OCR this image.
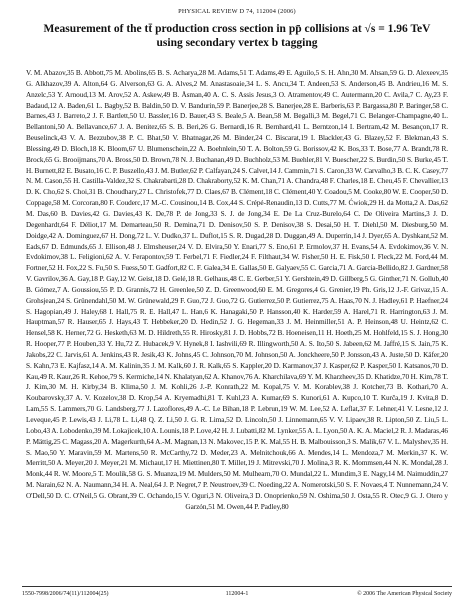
PHYSICAL REVIEW D 74, 112004 (2006)
Measurement of the tt̄ production cross section in pp̄ collisions at √s = 1.96 TeV
using secondary vertex b tagging
V. M. Abazov,35 B. Abbott,75 M. Abolins,65 B. S. Acharya,28 M. Adams,51 T. Adams,49 E. Aguilo,5 S. H. Ahn,30 M. Ahsan,59 G. D. Alexeev,35 G. Alkhazov,39 A. Alton,64 G. Alverson,63 G. A. Alves,2 M. Anastasoaie,34 L. S. Ancu,34 T. Andeen,53 S. Anderson,45 B. Andrieu,16 M. S. Anzelc,53 Y. Arnoud,13 M. Arov,52 A. Askew,49 B. Åsman,40 A. C. S. Assis Jesus,3 O. Atramentov,49 C. Autermann,20 C. Avila,7 C. Ay,23 F. Badaud,12 A. Baden,61 L. Bagby,52 B. Baldin,50 D. V. Bandurin,59 P. Banerjee,28 S. Banerjee,28 E. Barberis,63 P. Bargassa,80 P. Baringer,58 C. Barnes,43 J. Barreto,2 J. F. Bartlett,50 U. Bassler,16 D. Bauer,43 S. Beale,5 A. Bean,58 M. Begalli,3 M. Begel,71 C. Belanger-Champagne,40 L. Bellantoni,50 A. Bellavance,67 J. A. Benitez,65 S. B. Beri,26 G. Bernardi,16 R. Bernhard,41 L. Berntzon,14 I. Bertram,42 M. Besançon,17 R. Beuselinck,43 V. A. Bezzubov,38 P. C. Bhat,50 V. Bhatnagar,26 M. Binder,24 C. Biscarat,19 I. Blackler,43 G. Blazey,52 F. Blekman,43 S. Blessing,49 D. Bloch,18 K. Bloom,67 U. Blumenschein,22 A. Boehnlein,50 T. A. Bolton,59 G. Borissov,42 K. Bos,33 T. Bose,77 A. Brandt,78 R. Brock,65 G. Brooijmans,70 A. Bross,50 D. Brown,78 N. J. Buchanan,49 D. Buchholz,53 M. Buehler,81 V. Buescher,22 S. Burdin,50 S. Burke,45 T. H. Burnett,82 E. Busato,16 C. P. Buszello,43 J. M. Butler,62 P. Calfayan,24 S. Calvet,14 J. Cammin,71 S. Caron,33 W. Carvalho,3 B. C. K. Casey,77 N. M. Cason,55 H. Castilla-Valdez,32 S. Chakrabarti,28 D. Chakraborty,52 K. M. Chan,71 A. Chandra,48 F. Charles,18 E. Cheu,45 F. Chevallier,13 D. K. Cho,62 S. Choi,31 B. Choudhary,27 L. Christofek,77 D. Claes,67 B. Clément,18 C. Clément,40 Y. Coadou,5 M. Cooke,80 W. E. Cooper,50 D. Coppage,58 M. Corcoran,80 F. Couderc,17 M.-C. Cousinou,14 B. Cox,44 S. Crépé-Renaudin,13 D. Cutts,77 M. Ćwiok,29 H. da Motta,2 A. Das,62 M. Das,60 B. Davies,42 G. Davies,43 K. De,78 P. de Jong,33 S. J. de Jong,34 E. De La Cruz-Burelo,64 C. De Oliveira Martins,3 J. D. Degenhardt,64 F. Déliot,17 M. Demarteau,50 R. Demina,71 D. Denisov,50 S. P. Denisov,38 S. Desai,50 H. T. Diehl,50 M. Diesburg,50 M. Doidge,42 A. Dominguez,67 H. Dong,72 L. V. Dudko,37 L. Duflot,15 S. R. Dugad,28 D. Duggan,49 A. Duperrin,14 J. Dyer,65 A. Dyshkant,52 M. Eads,67 D. Edmunds,65 J. Ellison,48 J. Elmsheuser,24 V. D. Elvira,50 Y. Enari,77 S. Eno,61 P. Ermolov,37 H. Evans,54 A. Evdokimov,36 V. N. Evdokimov,38 L. Feligioni,62 A. V. Ferapontov,59 T. Ferbel,71 F. Fiedler,24 F. Filthaut,34 W. Fisher,50 H. E. Fisk,50 I. Fleck,22 M. Ford,44 M. Fortner,52 H. Fox,22 S. Fu,50 S. Fuess,50 T. Gadfort,82 C. F. Galea,34 E. Gallas,50 E. Galyaev,55 C. Garcia,71 A. Garcia-Bellido,82 J. Gardner,58 V. Gavrilov,36 A. Gay,18 P. Gay,12 W. Geist,18 D. Gelé,18 R. Gelhaus,48 C. E. Gerber,51 Y. Gershtein,49 D. Gillberg,5 G. Ginther,71 N. Gollub,40 B. Gómez,7 A. Goussiou,55 P. D. Grannis,72 H. Greenlee,50 Z. D. Greenwood,60 E. M. Gregores,4 G. Grenier,19 Ph. Gris,12 J.-F. Grivaz,15 A. Grohsjean,24 S. Grünendahl,50 M. W. Grünewald,29 F. Guo,72 J. Guo,72 G. Gutierrez,50 P. Gutierrez,75 A. Haas,70 N. J. Hadley,61 P. Haefner,24 S. Hagopian,49 J. Haley,68 I. Hall,75 R. E. Hall,47 L. Han,6 K. Hanagaki,50 P. Hansson,40 K. Harder,59 A. Harel,71 R. Harrington,63 J. M. Hauptman,57 R. Hauser,65 J. Hays,43 T. Hebbeker,20 D. Hedin,52 J. G. Hegeman,33 J. M. Heinmiller,51 A. P. Heinson,48 U. Heintz,62 C. Hensel,58 K. Herner,72 G. Hesketh,63 M. D. Hildreth,55 R. Hirosky,81 J. D. Hobbs,72 B. Hoeneisen,11 H. Hoeth,25 M. Hohlfeld,15 S. J. Hong,30 R. Hooper,77 P. Houben,33 Y. Hu,72 Z. Hubacek,9 V. Hynek,8 I. Iashvili,69 R. Illingworth,50 A. S. Ito,50 S. Jabeen,62 M. Jaffré,15 S. Jain,75 K. Jakobs,22 C. Jarvis,61 A. Jenkins,43 R. Jesik,43 K. Johns,45 C. Johnson,70 M. Johnson,50 A. Jonckheere,50 P. Jonsson,43 A. Juste,50 D. Käfer,20 S. Kahn,73 E. Kajfasz,14 A. M. Kalinin,35 J. M. Kalk,60 J. R. Kalk,65 S. Kappler,20 D. Karmanov,37 J. Kasper,62 P. Kasper,50 I. Katsanos,70 D. Kau,49 R. Kaur,26 R. Kehoe,79 S. Kermiche,14 N. Khalatyan,62 A. Khanov,76 A. Kharchilava,69 Y. M. Kharzheev,35 D. Khatidze,70 H. Kim,78 T. J. Kim,30 M. H. Kirby,34 B. Klima,50 J. M. Kohli,26 J.-P. Konrath,22 M. Kopal,75 V. M. Korablev,38 J. Kotcher,73 B. Kothari,70 A. Koubarovsky,37 A. V. Kozelov,38 D. Krop,54 A. Kryemadhi,81 T. Kuhl,23 A. Kumar,69 S. Kunori,61 A. Kupco,10 T. Kurča,19 J. Kvita,8 D. Lam,55 S. Lammers,70 G. Landsberg,77 J. Lazoflores,49 A.-C. Le Bihan,18 P. Lebrun,19 W. M. Lee,52 A. Leflat,37 F. Lehner,41 V. Lesne,12 J. Leveque,45 P. Lewis,43 J. Li,78 L. Li,48 Q. Z. Li,50 J. G. R. Lima,52 D. Lincoln,50 J. Linnemann,65 V. V. Lipaev,38 R. Lipton,50 Z. Liu,5 L. Lobo,43 A. Lobodenko,39 M. Lokajicek,10 A. Lounis,18 P. Love,42 H. J. Lubatti,82 M. Lynker,55 A. L. Lyon,50 A. K. A. Maciel,2 R. J. Madaras,46 P. Mättig,25 C. Magass,20 A. Magerkurth,64 A.-M. Magnan,13 N. Makovec,15 P. K. Mal,55 H. B. Malbouisson,3 S. Malik,67 V. L. Malyshev,35 H. S. Mao,50 Y. Maravin,59 M. Martens,50 R. McCarthy,72 D. Meder,23 A. Melnitchouk,66 A. Mendes,14 L. Mendoza,7 M. Merkin,37 K. W. Merritt,50 A. Meyer,20 J. Meyer,21 M. Michaut,17 H. Miettinen,80 T. Millet,19 J. Mitrevski,70 J. Molina,3 R. K. Mommsen,44 N. K. Mondal,28 J. Monk,44 R. W. Moore,5 T. Moulik,58 G. S. Muanza,19 M. Mulders,50 M. Mulhearn,70 O. Mundal,22 L. Mundim,3 E. Nagy,14 M. Naimuddin,27 M. Narain,62 N. A. Naumann,34 H. A. Neal,64 J. P. Negret,7 P. Neustroev,39 C. Noeding,22 A. Nomerotski,50 S. F. Novaes,4 T. Nunnemann,24 V. O'Dell,50 D. C. O'Neil,5 G. Obrant,39 C. Ochando,15 V. Oguri,3 N. Oliveira,3 D. Onoprienko,59 N. Oshima,50 J. Osta,55 R. Otec,9 G. J. Otero y Garzón,51 M. Owen,44 P. Padley,80
1550-7998/2006/74(11)/112004(25)	112004-1	© 2006 The American Physical Society
